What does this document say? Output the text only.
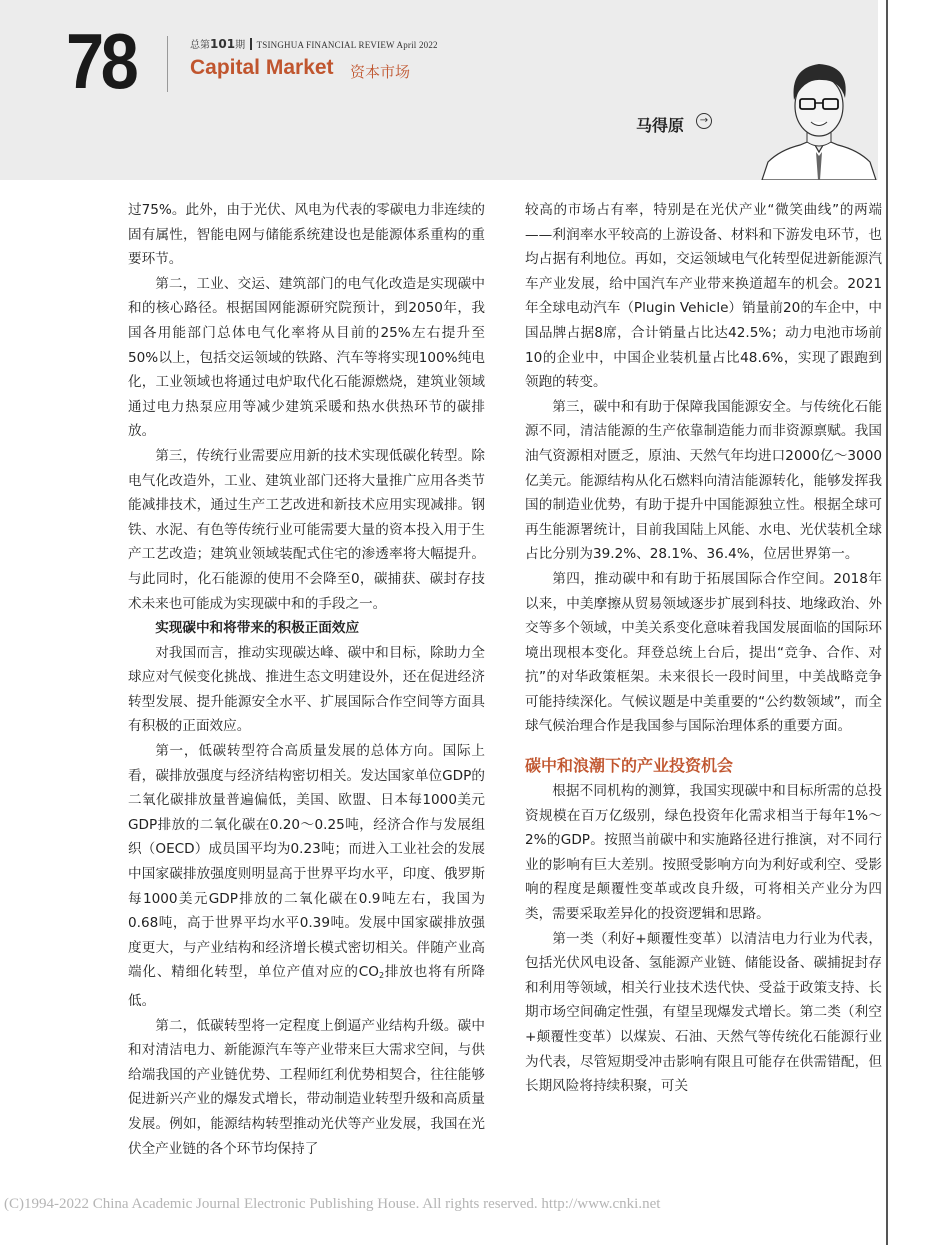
78	总第101期 TSINGHUA FINANCIAL REVIEW April 2022
Capital Market 资本市场
马得原	→

过75%。此外，由于光伏、风电为代表的零碳电力非连续的固有属性，智能电网与储能系统建设也是能源体系重构的重要环节。

第二，工业、交运、建筑部门的电气化改造是实现碳中和的核心路径。根据国网能源研究院预计，到2050年，我国各用能部门总体电气化率将从目前的25%左右提升至50%以上，包括交运领域的铁路、汽车等将实现100%纯电化，工业领域也将通过电炉取代化石能源燃烧，建筑业领域通过电力热泵应用等减少建筑采暖和热水供热环节的碳排放。

第三，传统行业需要应用新的技术实现低碳化转型。除电气化改造外，工业、建筑业部门还将大量推广应用各类节能减排技术，通过生产工艺改进和新技术应用实现减排。钢铁、水泥、有色等传统行业可能需要大量的资本投入用于生产工艺改造；建筑业领域装配式住宅的渗透率将大幅提升。与此同时，化石能源的使用不会降至0，碳捕获、碳封存技术未来也可能成为实现碳中和的手段之一。

实现碳中和将带来的积极正面效应

对我国而言，推动实现碳达峰、碳中和目标，除助力全球应对气候变化挑战、推进生态文明建设外，还在促进经济转型发展、提升能源安全水平、扩展国际合作空间等方面具有积极的正面效应。

第一，低碳转型符合高质量发展的总体方向。国际上看，碳排放强度与经济结构密切相关。发达国家单位GDP的二氧化碳排放量普遍偏低，美国、欧盟、日本每1000美元GDP排放的二氧化碳在0.20～0.25吨，经济合作与发展组织（OECD）成员国平均为0.23吨；而进入工业社会的发展中国家碳排放强度则明显高于世界平均水平，印度、俄罗斯每1000美元GDP排放的二氧化碳在0.9吨左右，我国为0.68吨，高于世界平均水平0.39吨。发展中国家碳排放强度更大，与产业结构和经济增长模式密切相关。伴随产业高端化、精细化转型，单位产值对应的$CO_2$排放也将有所降低。

第二，低碳转型将一定程度上倒逼产业结构升级。碳中和对清洁电力、新能源汽车等产业带来巨大需求空间，与供给端我国的产业链优势、工程师红利优势相契合，往往能够促进新兴产业的爆发式增长，带动制造业转型升级和高质量发展。例如，能源结构转型推动光伏等产业发展，我国在光伏全产业链的各个环节均保持了

较高的市场占有率，特别是在光伏产业“微笑曲线”的两端——利润率水平较高的上游设备、材料和下游发电环节，也均占据有利地位。再如，交运领域电气化转型促进新能源汽车产业发展，给中国汽车产业带来换道超车的机会。2021年全球电动汽车（Plugin Vehicle）销量前20的车企中，中国品牌占据8席，合计销量占比达42.5%；动力电池市场前10的企业中，中国企业装机量占比48.6%，实现了跟跑到领跑的转变。

第三，碳中和有助于保障我国能源安全。与传统化石能源不同，清洁能源的生产依靠制造能力而非资源禀赋。我国油气资源相对匮乏，原油、天然气年均进口2000亿～3000亿美元。能源结构从化石燃料向清洁能源转化，能够发挥我国的制造业优势，有助于提升中国能源独立性。根据全球可再生能源署统计，目前我国陆上风能、水电、光伏装机全球占比分别为39.2%、28.1%、36.4%，位居世界第一。

第四，推动碳中和有助于拓展国际合作空间。2018年以来，中美摩擦从贸易领域逐步扩展到科技、地缘政治、外交等多个领域，中美关系变化意味着我国发展面临的国际环境出现根本变化。拜登总统上台后，提出“竞争、合作、对抗”的对华政策框架。未来很长一段时间里，中美战略竞争可能持续深化。气候议题是中美重要的“公约数领域”，而全球气候治理合作是我国参与国际治理体系的重要方面。

碳中和浪潮下的产业投资机会

根据不同机构的测算，我国实现碳中和目标所需的总投资规模在百万亿级别，绿色投资年化需求相当于每年1%～2%的GDP。按照当前碳中和实施路径进行推演，对不同行业的影响有巨大差别。按照受影响方向为利好或利空、受影响的程度是颠覆性变革或改良升级，可将相关产业分为四类，需要采取差异化的投资逻辑和思路。

第一类（利好+颠覆性变革）以清洁电力行业为代表，包括光伏风电设备、氢能源产业链、储能设备、碳捕捉封存和利用等领域，相关行业技术迭代快、受益于政策支持、长期市场空间确定性强，有望呈现爆发式增长。第二类（利空+颠覆性变革）以煤炭、石油、天然气等传统化石能源行业为代表，尽管短期受冲击影响有限且可能存在供需错配，但长期风险将持续积聚，可关

(C)1994-2022 China Academic Journal Electronic Publishing House. All rights reserved. http://www.cnki.net
